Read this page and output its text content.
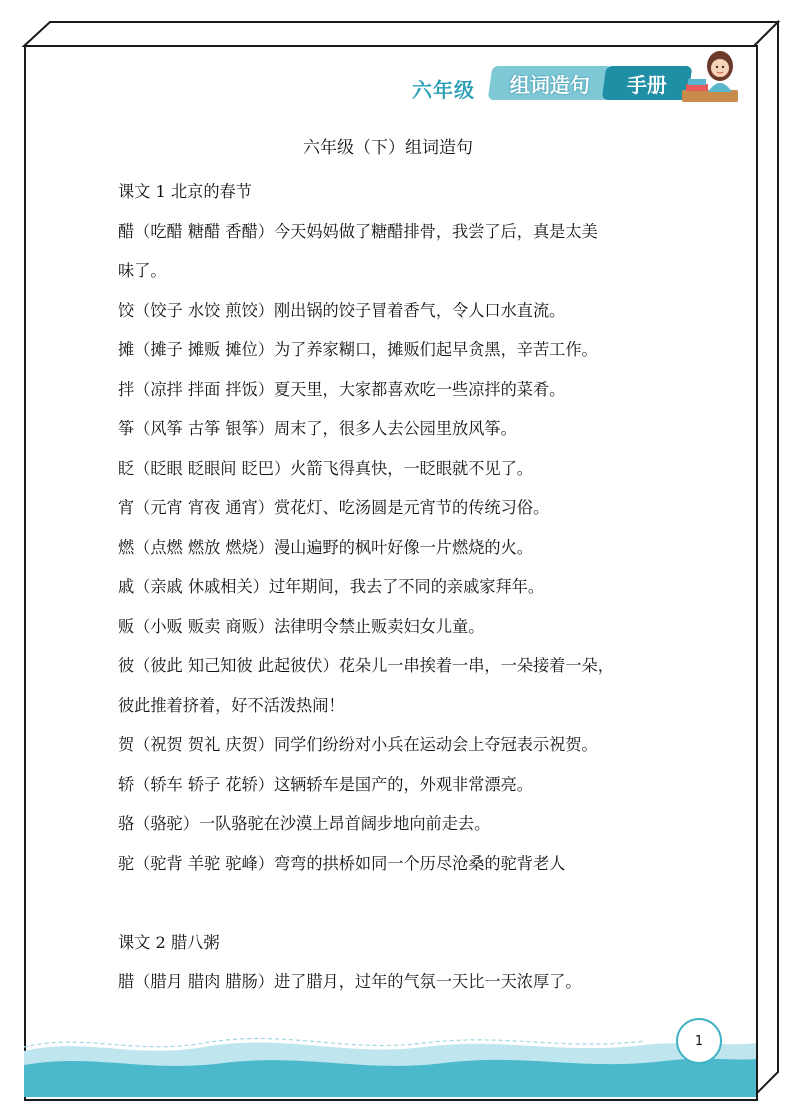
六年级 组词造句 手册
六年级（下）组词造句
课文 1 北京的春节
醋（吃醋 糖醋 香醋）今天妈妈做了糖醋排骨，我尝了后，真是太美
味了。
饺（饺子 水饺 煎饺）刚出锅的饺子冒着香气，令人口水直流。
摊（摊子 摊贩 摊位）为了养家糊口，摊贩们起早贪黑，辛苦工作。
拌（凉拌 拌面 拌饭）夏天里，大家都喜欢吃一些凉拌的菜肴。
筝（风筝 古筝 银筝）周末了，很多人去公园里放风筝。
眨（眨眼 眨眼间 眨巴）火箭飞得真快，一眨眼就不见了。
宵（元宵 宵夜 通宵）赏花灯、吃汤圆是元宵节的传统习俗。
燃（点燃 燃放 燃烧）漫山遍野的枫叶好像一片燃烧的火。
戚（亲戚 休戚相关）过年期间，我去了不同的亲戚家拜年。
贩（小贩 贩卖 商贩）法律明令禁止贩卖妇女儿童。
彼（彼此 知己知彼 此起彼伏）花朵儿一串挨着一串，一朵接着一朵，
彼此推着挤着，好不活泼热闹！
贺（祝贺 贺礼 庆贺）同学们纷纷对小兵在运动会上夺冠表示祝贺。
轿（轿车 轿子 花轿）这辆轿车是国产的，外观非常漂亮。
骆（骆驼）一队骆驼在沙漠上昂首阔步地向前走去。
驼（驼背 羊驼 驼峰）弯弯的拱桥如同一个历尽沧桑的驼背老人
课文 2 腊八粥
腊（腊月 腊肉 腊肠）进了腊月，过年的气氛一天比一天浓厚了。
1
